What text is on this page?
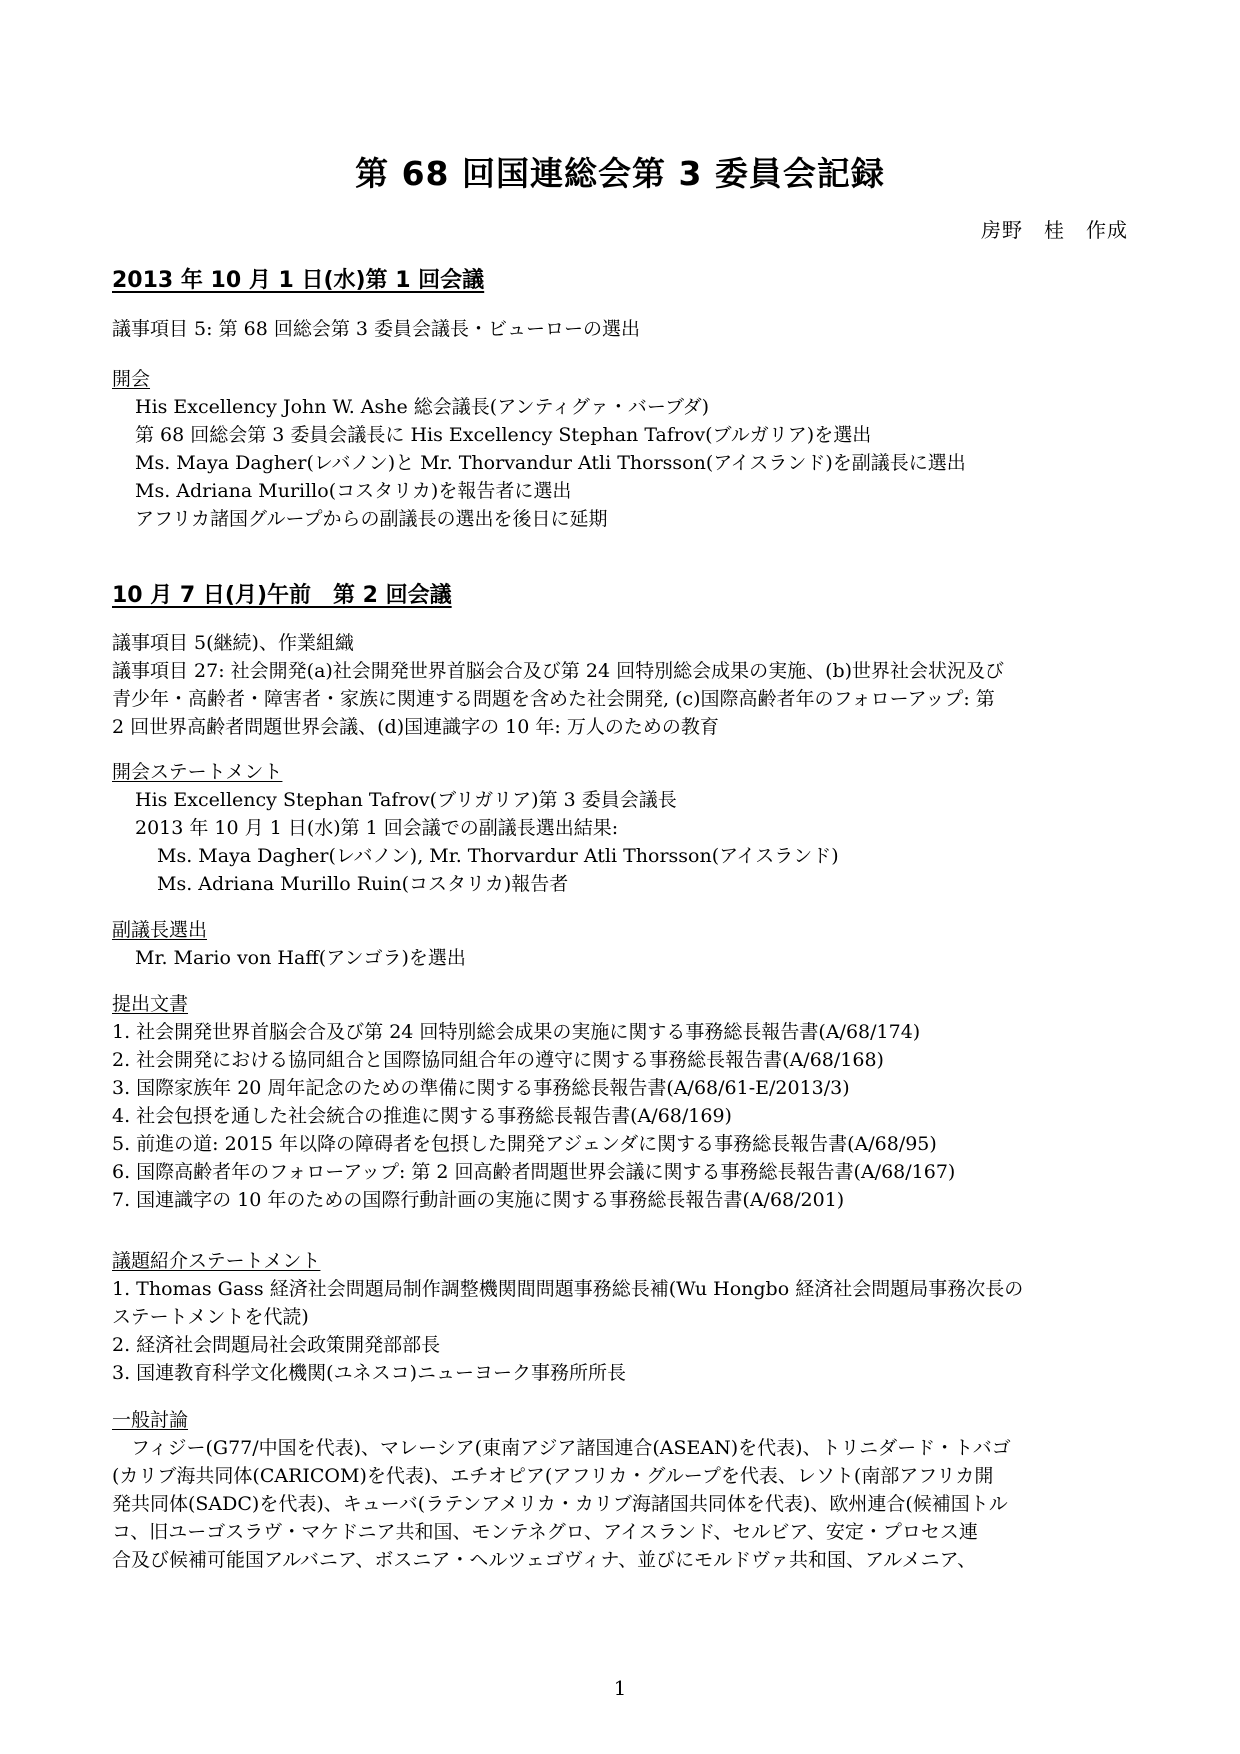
第 68 回国連総会第 3 委員会記録
房野　桂　作成
2013 年 10 月 1 日(水)第 1 回会議

議事項目 5: 第 68 回総会第 3 委員会議長・ビューローの選出

開会

His Excellency John W. Ashe 総会議長(アンティグァ・バーブダ)

第 68 回総会第 3 委員会議長に His Excellency Stephan Tafrov(ブルガリア)を選出

Ms. Maya Dagher(レバノン)と Mr. Thorvandur Atli Thorsson(アイスランド)を副議長に選出

Ms. Adriana Murillo(コスタリカ)を報告者に選出

アフリカ諸国グループからの副議長の選出を後日に延期

10 月 7 日(月)午前　第 2 回会議

議事項目 5(継続)、作業組織

議事項目 27: 社会開発(a)社会開発世界首脳会合及び第 24 回特別総会成果の実施、(b)世界社会状況及び

青少年・高齢者・障害者・家族に関連する問題を含めた社会開発, (c)国際高齢者年のフォローアップ: 第

2 回世界高齢者問題世界会議、(d)国連識字の 10 年: 万人のための教育

開会ステートメント

His Excellency Stephan Tafrov(ブリガリア)第 3 委員会議長

2013 年 10 月 1 日(水)第 1 回会議での副議長選出結果:

Ms. Maya Dagher(レバノン), Mr. Thorvardur Atli Thorsson(アイスランド)

Ms. Adriana Murillo Ruin(コスタリカ)報告者

副議長選出

Mr. Mario von Haff(アンゴラ)を選出

提出文書

1. 社会開発世界首脳会合及び第 24 回特別総会成果の実施に関する事務総長報告書(A/68/174)

2. 社会開発における協同組合と国際協同組合年の遵守に関する事務総長報告書(A/68/168)

3. 国際家族年 20 周年記念のための準備に関する事務総長報告書(A/68/61-E/2013/3)

4. 社会包摂を通した社会統合の推進に関する事務総長報告書(A/68/169)

5. 前進の道: 2015 年以降の障碍者を包摂した開発アジェンダに関する事務総長報告書(A/68/95)

6. 国際高齢者年のフォローアップ: 第 2 回高齢者問題世界会議に関する事務総長報告書(A/68/167)

7. 国連識字の 10 年のための国際行動計画の実施に関する事務総長報告書(A/68/201)

議題紹介ステートメント

1. Thomas Gass 経済社会問題局制作調整機関間問題事務総長補(Wu Hongbo 経済社会問題局事務次長の

ステートメントを代読)

2. 経済社会問題局社会政策開発部部長

3. 国連教育科学文化機関(ユネスコ)ニューヨーク事務所所長

一般討論

　フィジー(G77/中国を代表)、マレーシア(東南アジア諸国連合(ASEAN)を代表)、トリニダード・トバゴ

(カリブ海共同体(CARICOM)を代表)、エチオピア(アフリカ・グループを代表、レソト(南部アフリカ開

発共同体(SADC)を代表)、キューバ(ラテンアメリカ・カリブ海諸国共同体を代表)、欧州連合(候補国トル

コ、旧ユーゴスラヴ・マケドニア共和国、モンテネグロ、アイスランド、セルビア、安定・プロセス連

合及び候補可能国アルバニア、ボスニア・ヘルツェゴヴィナ、並びにモルドヴァ共和国、アルメニア、

1
